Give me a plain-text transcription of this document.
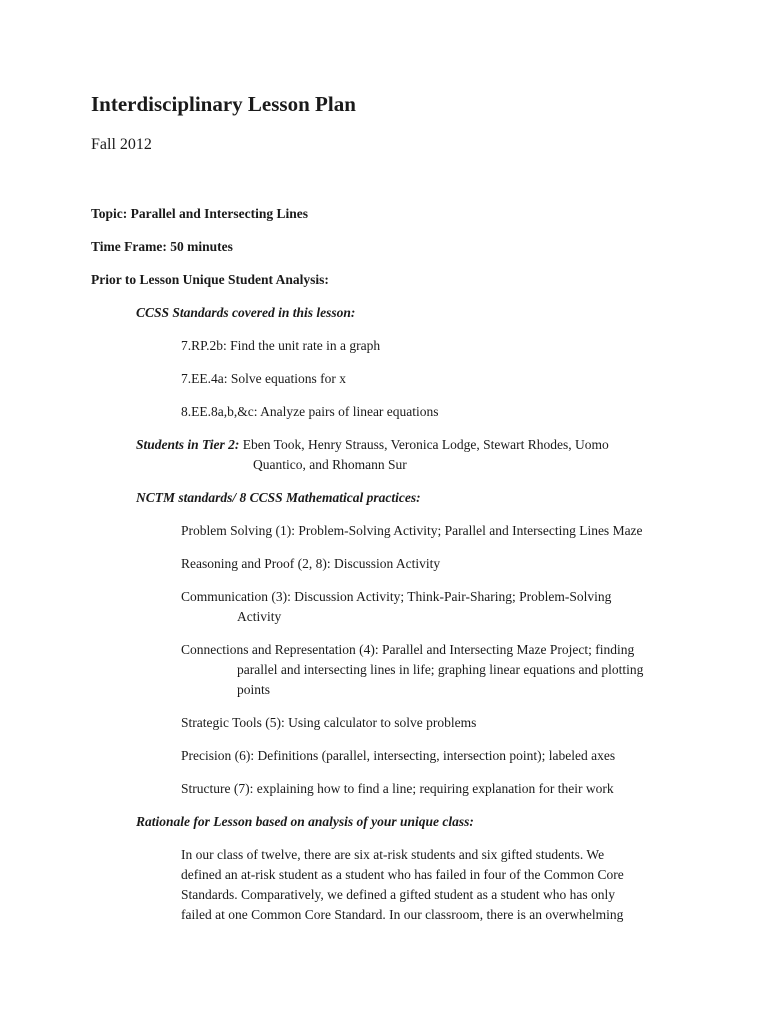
Interdisciplinary Lesson Plan
Fall 2012
Topic: Parallel and Intersecting Lines
Time Frame: 50 minutes
Prior to Lesson Unique Student Analysis:
CCSS Standards covered in this lesson:
7.RP.2b: Find the unit rate in a graph
7.EE.4a: Solve equations for x
8.EE.8a,b,&c: Analyze pairs of linear equations
Students in Tier 2: Eben Took, Henry Strauss, Veronica Lodge, Stewart Rhodes, Uomo
Quantico, and Rhomann Sur
NCTM standards/ 8 CCSS Mathematical practices:
Problem Solving (1): Problem-Solving Activity; Parallel and Intersecting Lines Maze
Reasoning and Proof (2, 8): Discussion Activity
Communication (3): Discussion Activity; Think-Pair-Sharing; Problem-Solving
Activity
Connections and Representation (4): Parallel and Intersecting Maze Project; finding
parallel and intersecting lines in life; graphing linear equations and plotting
points
Strategic Tools (5): Using calculator to solve problems
Precision (6): Definitions (parallel, intersecting, intersection point); labeled axes
Structure (7): explaining how to find a line; requiring explanation for their work
Rationale for Lesson based on analysis of your unique class:
In our class of twelve, there are six at-risk students and six gifted students. We
defined an at-risk student as a student who has failed in four of the Common Core
Standards. Comparatively, we defined a gifted student as a student who has only
failed at one Common Core Standard. In our classroom, there is an overwhelming
